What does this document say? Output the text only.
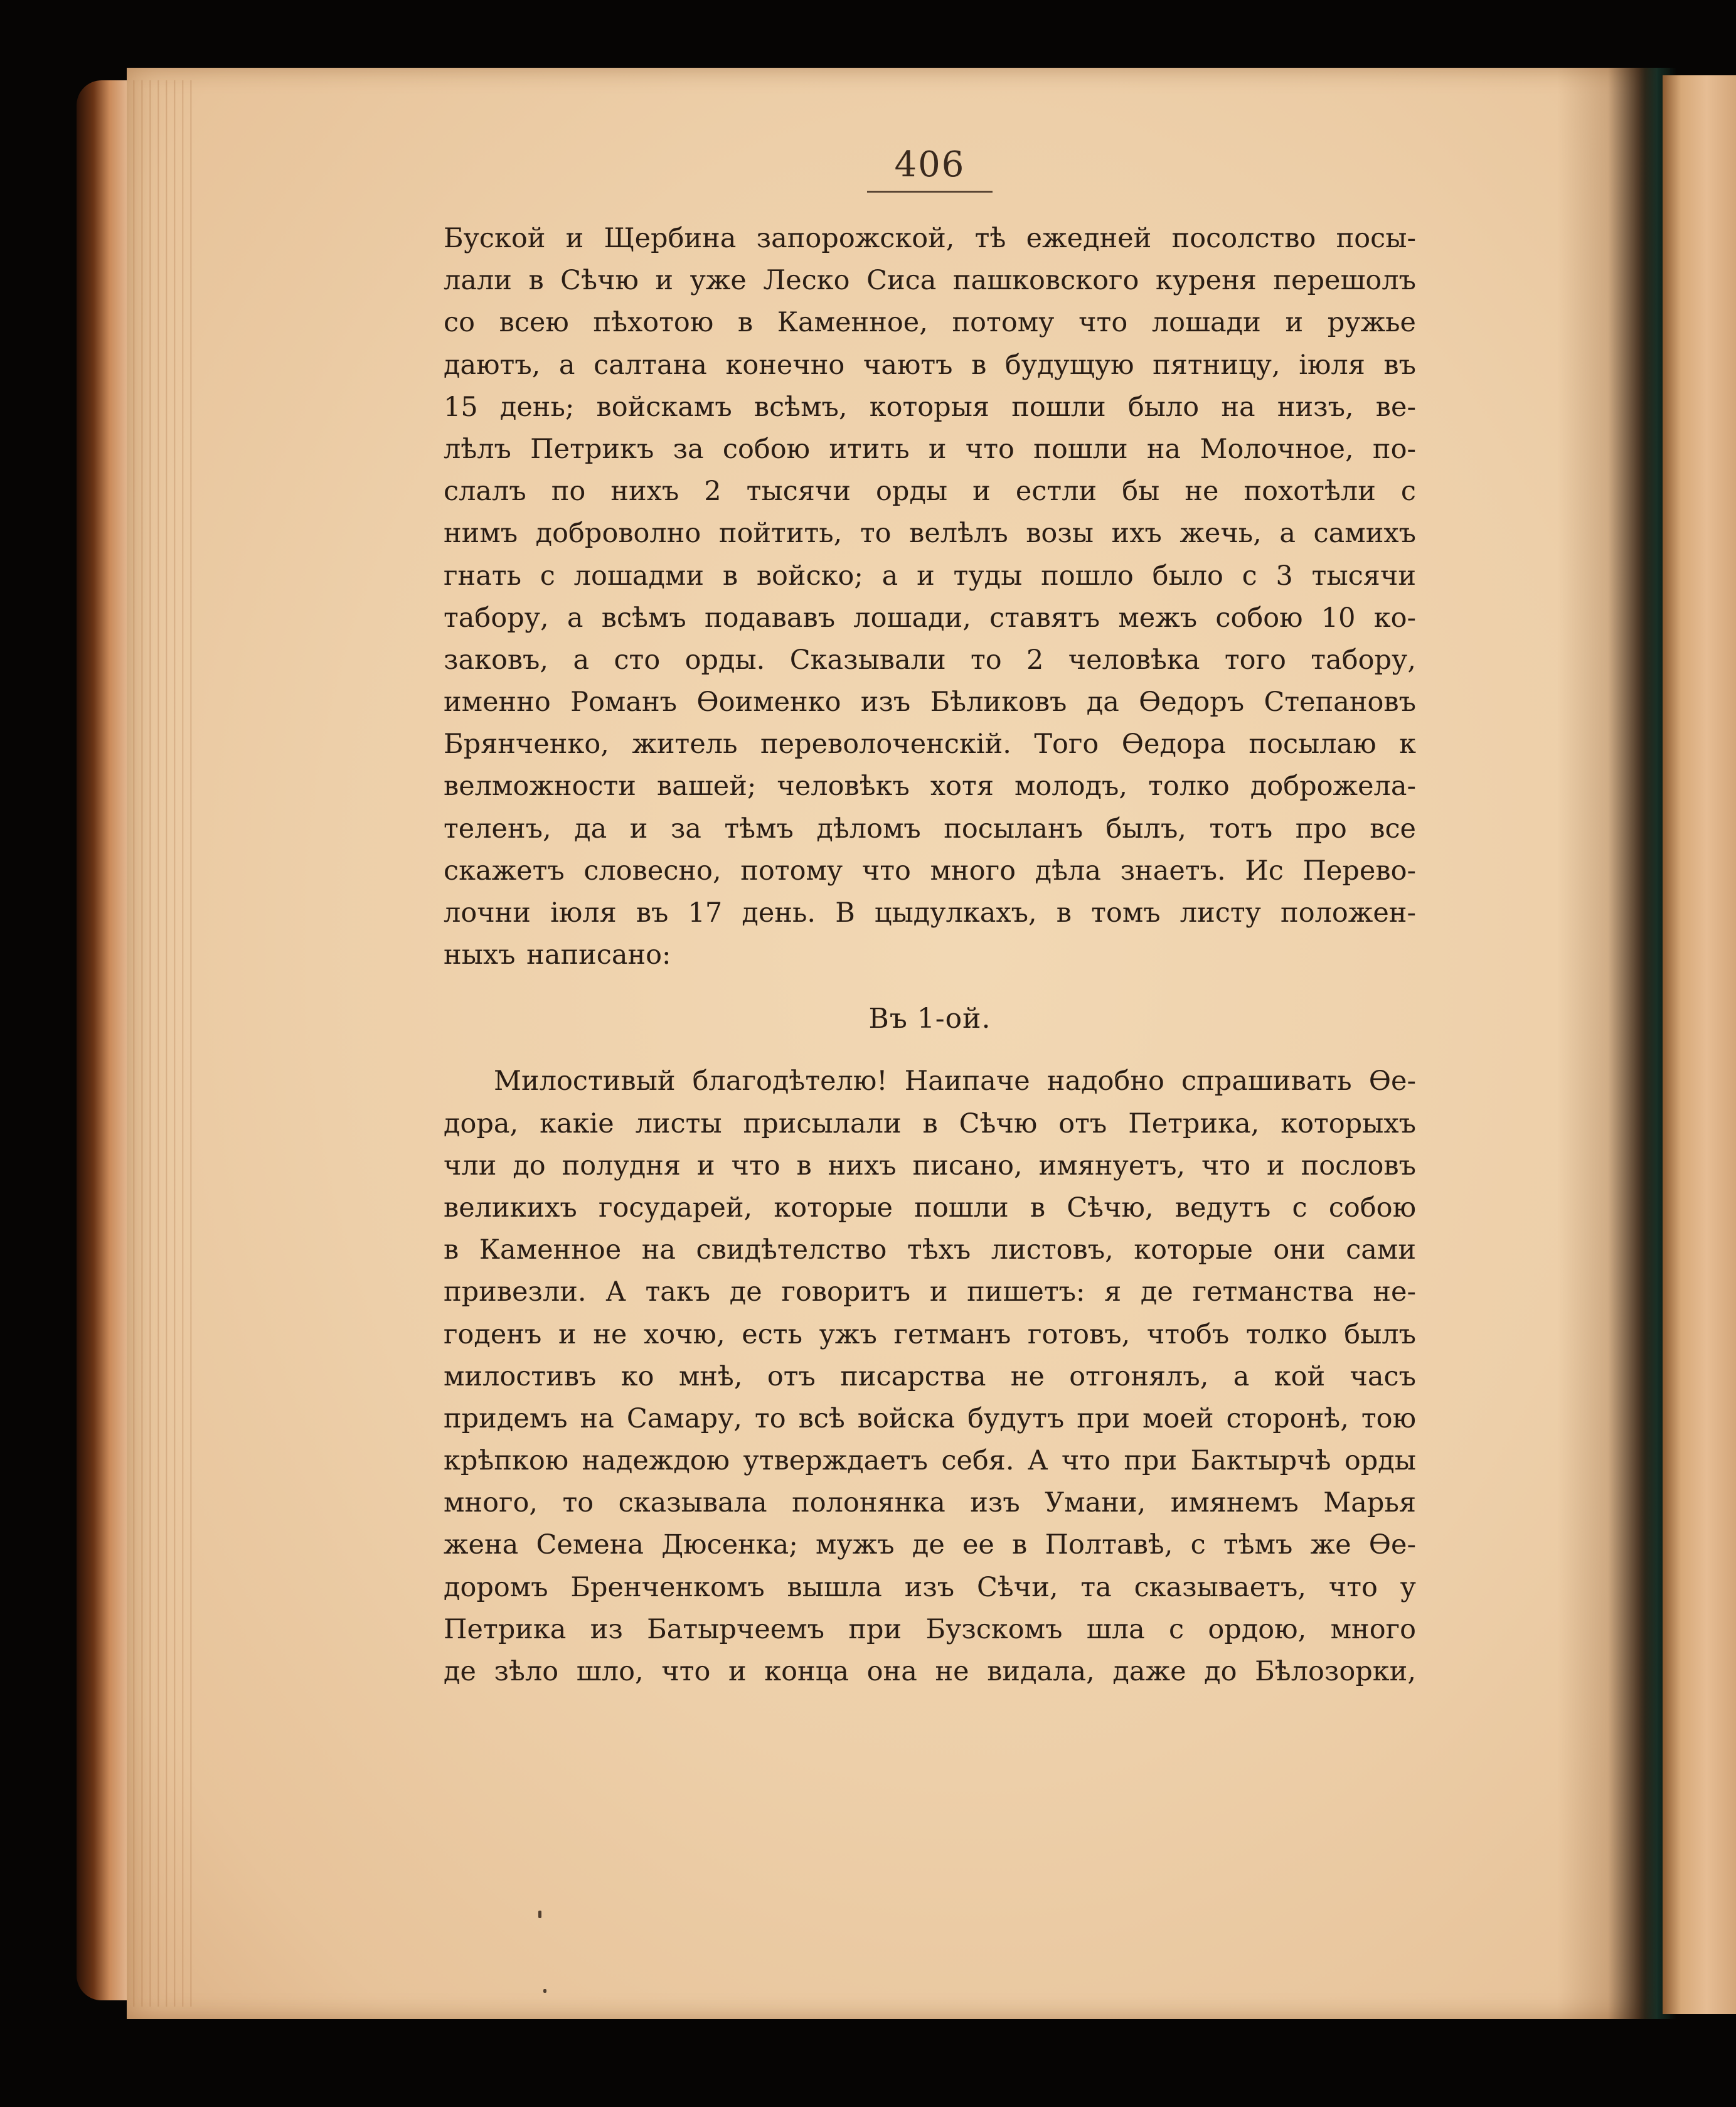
406
Буской и Щербина запорожской, тѣ ежедней посолство посы-
лали в Сѣчю и уже Леско Сиса пашковского куреня перешолъ
со всею пѣхотою в Каменное, потому что лошади и ружье
даютъ, а салтана конечно чаютъ в будущую пятницу, іюля въ
15 день; войскамъ всѣмъ, которыя пошли было на низъ, ве-
лѣлъ Петрикъ за собою итить и что пошли на Молочное, по-
слалъ по нихъ 2 тысячи орды и естли бы не похотѣли с
нимъ доброволно пойтить, то велѣлъ возы ихъ жечь, а самихъ
гнать с лошадми в войско; а и туды пошло было с 3 тысячи
табору, а всѣмъ подававъ лошади, ставятъ межъ собою 10 ко-
заковъ, а сто орды. Сказывали то 2 человѣка того табору,
именно Романъ Ѳоименко изъ Бѣликовъ да Ѳедоръ Степановъ
Брянченко, житель переволоченскій. Того Ѳедора посылаю к
велможности вашей; человѣкъ хотя молодъ, толко доброжела-
теленъ, да и за тѣмъ дѣломъ посыланъ былъ, тотъ про все
скажетъ словесно, потому что много дѣла знаетъ. Ис Перево-
лочни іюля въ 17 день. В цыдулкахъ, в томъ листу положен-
ныхъ написано:
Въ 1-ой.
Милостивый благодѣтелю! Наипаче надобно спрашивать Ѳе-
дора, какіе листы присылали в Сѣчю отъ Петрика, которыхъ
чли до полудня и что в нихъ писано, имянуетъ, что и пословъ
великихъ государей, которые пошли в Сѣчю, ведутъ с собою
в Каменное на свидѣтелство тѣхъ листовъ, которые они сами
привезли. А такъ де говоритъ и пишетъ: я де гетманства не-
годенъ и не хочю, есть ужъ гетманъ готовъ, чтобъ толко былъ
милостивъ ко мнѣ, отъ писарства не отгонялъ, а кой часъ
придемъ на Самару, то всѣ войска будутъ при моей сторонѣ, тою
крѣпкою надеждою утверждаетъ себя. А что при Бактырчѣ орды
много, то сказывала полонянка изъ Умани, имянемъ Марья
жена Семена Дюсенка; мужъ де ее в Полтавѣ, с тѣмъ же Ѳе-
доромъ Бренченкомъ вышла изъ Сѣчи, та сказываетъ, что у
Петрика из Батырчеемъ при Бузскомъ шла с ордою, много
де зѣло шло, что и конца она не видала, даже до Бѣлозорки,
